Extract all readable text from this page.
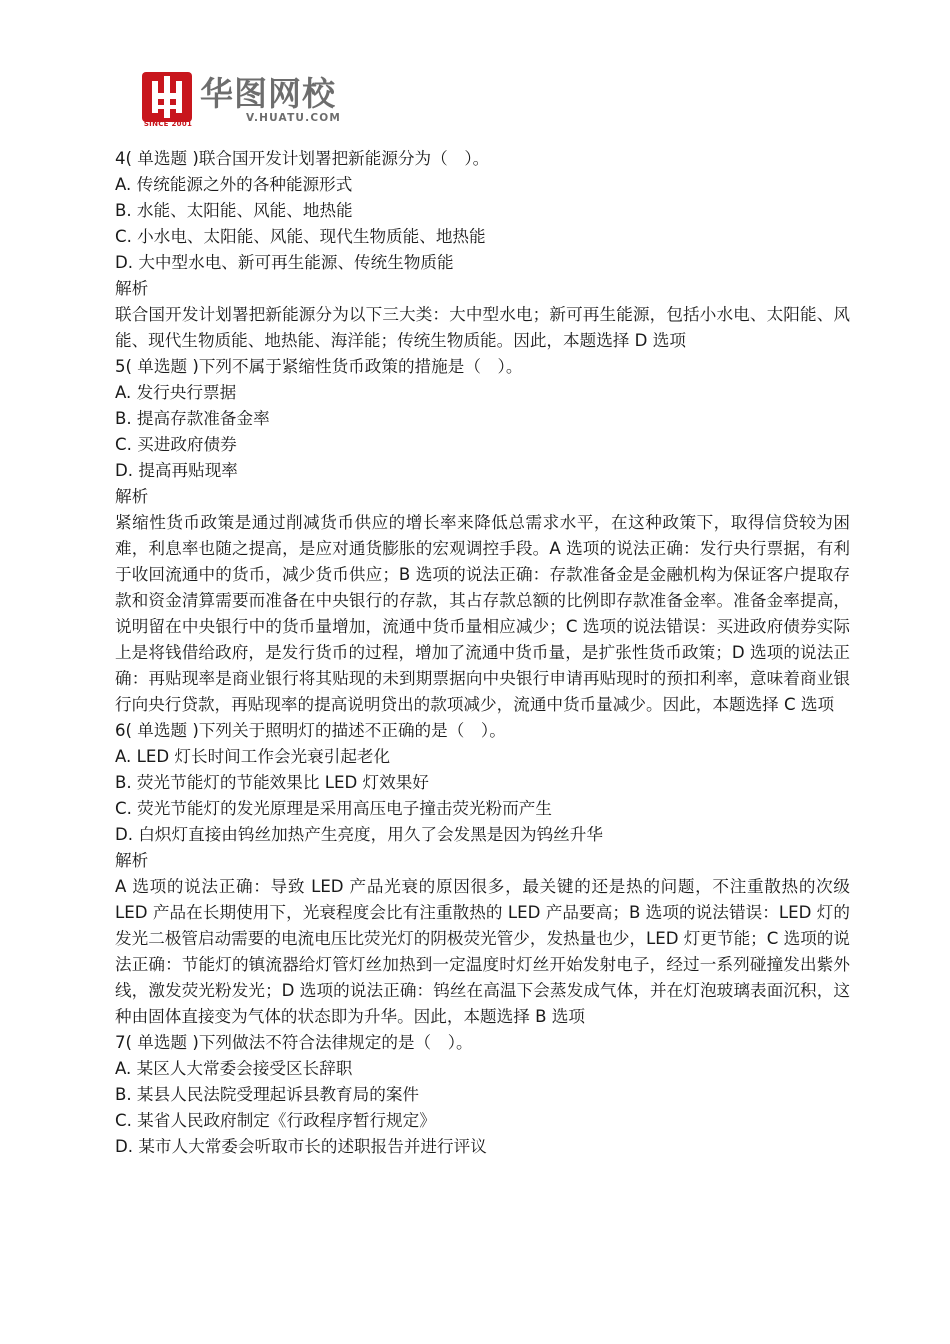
SINCE 2001
华图网校
V.HUATU.COM
4( 单选题 )联合国开发计划署把新能源分为（　）。
A. 传统能源之外的各种能源形式
B. 水能、太阳能、风能、地热能
C. 小水电、太阳能、风能、现代生物质能、地热能
D. 大中型水电、新可再生能源、传统生物质能
解析
联合国开发计划署把新能源分为以下三大类：大中型水电；新可再生能源，包括小水电、太阳能、风能、现代生物质能、地热能、海洋能；传统生物质能。因此，本题选择 D 选项
5( 单选题 )下列不属于紧缩性货币政策的措施是（　）。
A. 发行央行票据
B. 提高存款准备金率
C. 买进政府债券
D. 提高再贴现率
解析
紧缩性货币政策是通过削减货币供应的增长率来降低总需求水平，在这种政策下，取得信贷较为困难，利息率也随之提高，是应对通货膨胀的宏观调控手段。A 选项的说法正确：发行央行票据，有利于收回流通中的货币，减少货币供应；B 选项的说法正确：存款准备金是金融机构为保证客户提取存款和资金清算需要而准备在中央银行的存款，其占存款总额的比例即存款准备金率。准备金率提高，说明留在中央银行中的货币量增加，流通中货币量相应减少；C 选项的说法错误：买进政府债券实际上是将钱借给政府，是发行货币的过程，增加了流通中货币量，是扩张性货币政策；D 选项的说法正确：再贴现率是商业银行将其贴现的未到期票据向中央银行申请再贴现时的预扣利率，意味着商业银行向央行贷款，再贴现率的提高说明贷出的款项减少，流通中货币量减少。因此，本题选择 C 选项
6( 单选题 )下列关于照明灯的描述不正确的是（　）。
A. LED 灯长时间工作会光衰引起老化
B. 荧光节能灯的节能效果比 LED 灯效果好
C. 荧光节能灯的发光原理是采用高压电子撞击荧光粉而产生
D. 白炽灯直接由钨丝加热产生亮度，用久了会发黑是因为钨丝升华
解析
A 选项的说法正确：导致 LED 产品光衰的原因很多，最关键的还是热的问题，不注重散热的次级 LED 产品在长期使用下，光衰程度会比有注重散热的 LED 产品要高；B 选项的说法错误：LED 灯的发光二极管启动需要的电流电压比荧光灯的阴极荧光管少，发热量也少，LED 灯更节能；C 选项的说法正确：节能灯的镇流器给灯管灯丝加热到一定温度时灯丝开始发射电子，经过一系列碰撞发出紫外线，激发荧光粉发光；D 选项的说法正确：钨丝在高温下会蒸发成气体，并在灯泡玻璃表面沉积，这种由固体直接变为气体的状态即为升华。因此，本题选择 B 选项
7( 单选题 )下列做法不符合法律规定的是（　）。
A. 某区人大常委会接受区长辞职
B. 某县人民法院受理起诉县教育局的案件
C. 某省人民政府制定《行政程序暂行规定》
D. 某市人大常委会听取市长的述职报告并进行评议
